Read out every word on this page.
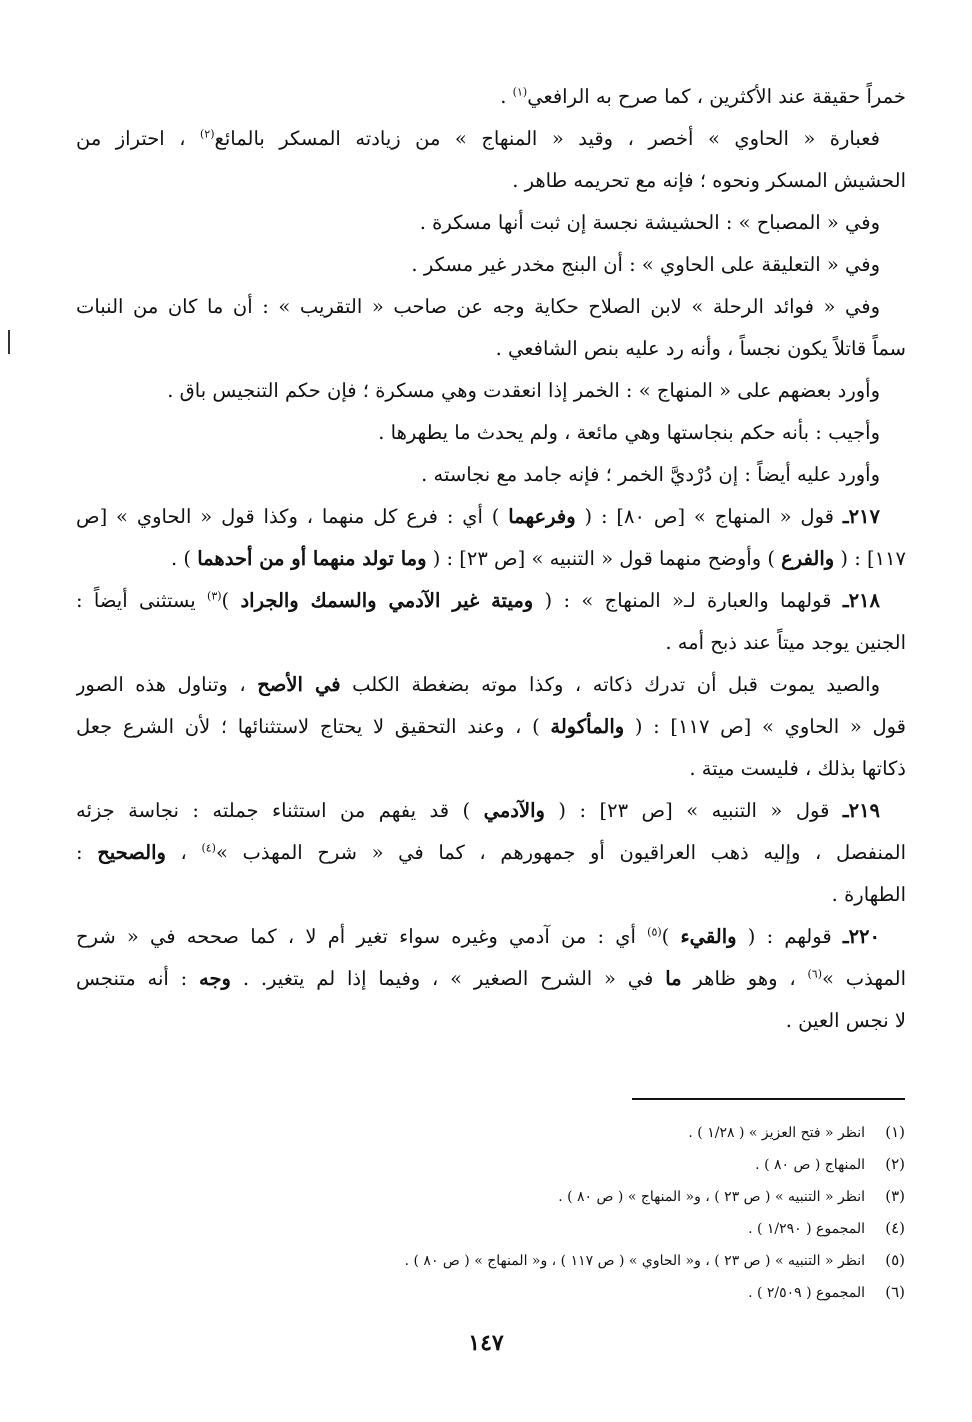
خمراً حقيقة عند الأكثرين ، كما صرح به الرافعي$^{(١)}$ .
فعبارة « الحاوي » أخصر ، وقيد « المنهاج » من زيادته المسكر بالمائع$^{(٢)}$ ، احتراز من
الحشيش المسكر ونحوه ؛ فإنه مع تحريمه طاهر .
وفي « المصباح » : الحشيشة نجسة إن ثبت أنها مسكرة .
وفي « التعليقة على الحاوي » : أن البنج مخدر غير مسكر .
وفي « فوائد الرحلة » لابن الصلاح حكاية وجه عن صاحب « التقريب » : أن ما كان من النبات
سماً قاتلاً يكون نجساً ، وأنه رد عليه بنص الشافعي .
وأورد بعضهم على « المنهاج » : الخمر إذا انعقدت وهي مسكرة ؛ فإن حكم التنجيس باق .
وأجيب : بأنه حكم بنجاستها وهي مائعة ، ولم يحدث ما يطهرها .
وأورد عليه أيضاً : إن دُرْديَّ الخمر ؛ فإنه جامد مع نجاسته .
٢١٧ـ قول « المنهاج » [ص ٨٠] : ( وفرعهما ) أي : فرع كل منهما ، وكذا قول « الحاوي » [ص
١١٧] : ( والفرع ) وأوضح منهما قول « التنبيه » [ص ٢٣] : ( وما تولد منهما أو من أحدهما ) .
٢١٨ـ قولهما والعبارة لـ« المنهاج » : ( وميتة غير الآدمي والسمك والجراد )$^{(٣)}$ يستثنى أيضاً :
الجنين يوجد ميتاً عند ذبح أمه .
والصيد يموت قبل أن تدرك ذكاته ، وكذا موته بضغطة الكلب في الأصح ، وتناول هذه الصور
قول « الحاوي » [ص ١١٧] : ( والمأكولة ) ، وعند التحقيق لا يحتاج لاستثنائها ؛ لأن الشرع جعل
ذكاتها بذلك ، فليست ميتة .
٢١٩ـ قول « التنبيه » [ص ٢٣] : ( والآدمي ) قد يفهم من استثناء جملته : نجاسة جزئه
المنفصل ، وإليه ذهب العراقيون أو جمهورهم ، كما في « شرح المهذب »$^{(٤)}$ ، والصحيح :
الطهارة .
٢٢٠ـ قولهم : ( والقيء )$^{(٥)}$ أي : من آدمي وغيره سواء تغير أم لا ، كما صححه في « شرح
المهذب »$^{(٦)}$ ، وهو ظاهر ما في « الشرح الصغير » ، وفيما إذا لم يتغير. . وجه : أنه متنجس
لا نجس العين .
(١)انظر « فتح العزيز » ( ١/٢٨ ) .
(٢)المنهاج ( ص ٨٠ ) .
(٣)انظر « التنبيه » ( ص ٢٣ ) ، و« المنهاج » ( ص ٨٠ ) .
(٤)المجموع ( ١/٢٩٠ ) .
(٥)انظر « التنبيه » ( ص ٢٣ ) ، و« الحاوي » ( ص ١١٧ ) ، و« المنهاج » ( ص ٨٠ ) .
(٦)المجموع ( ٢/٥٠٩ ) .
١٤٧
